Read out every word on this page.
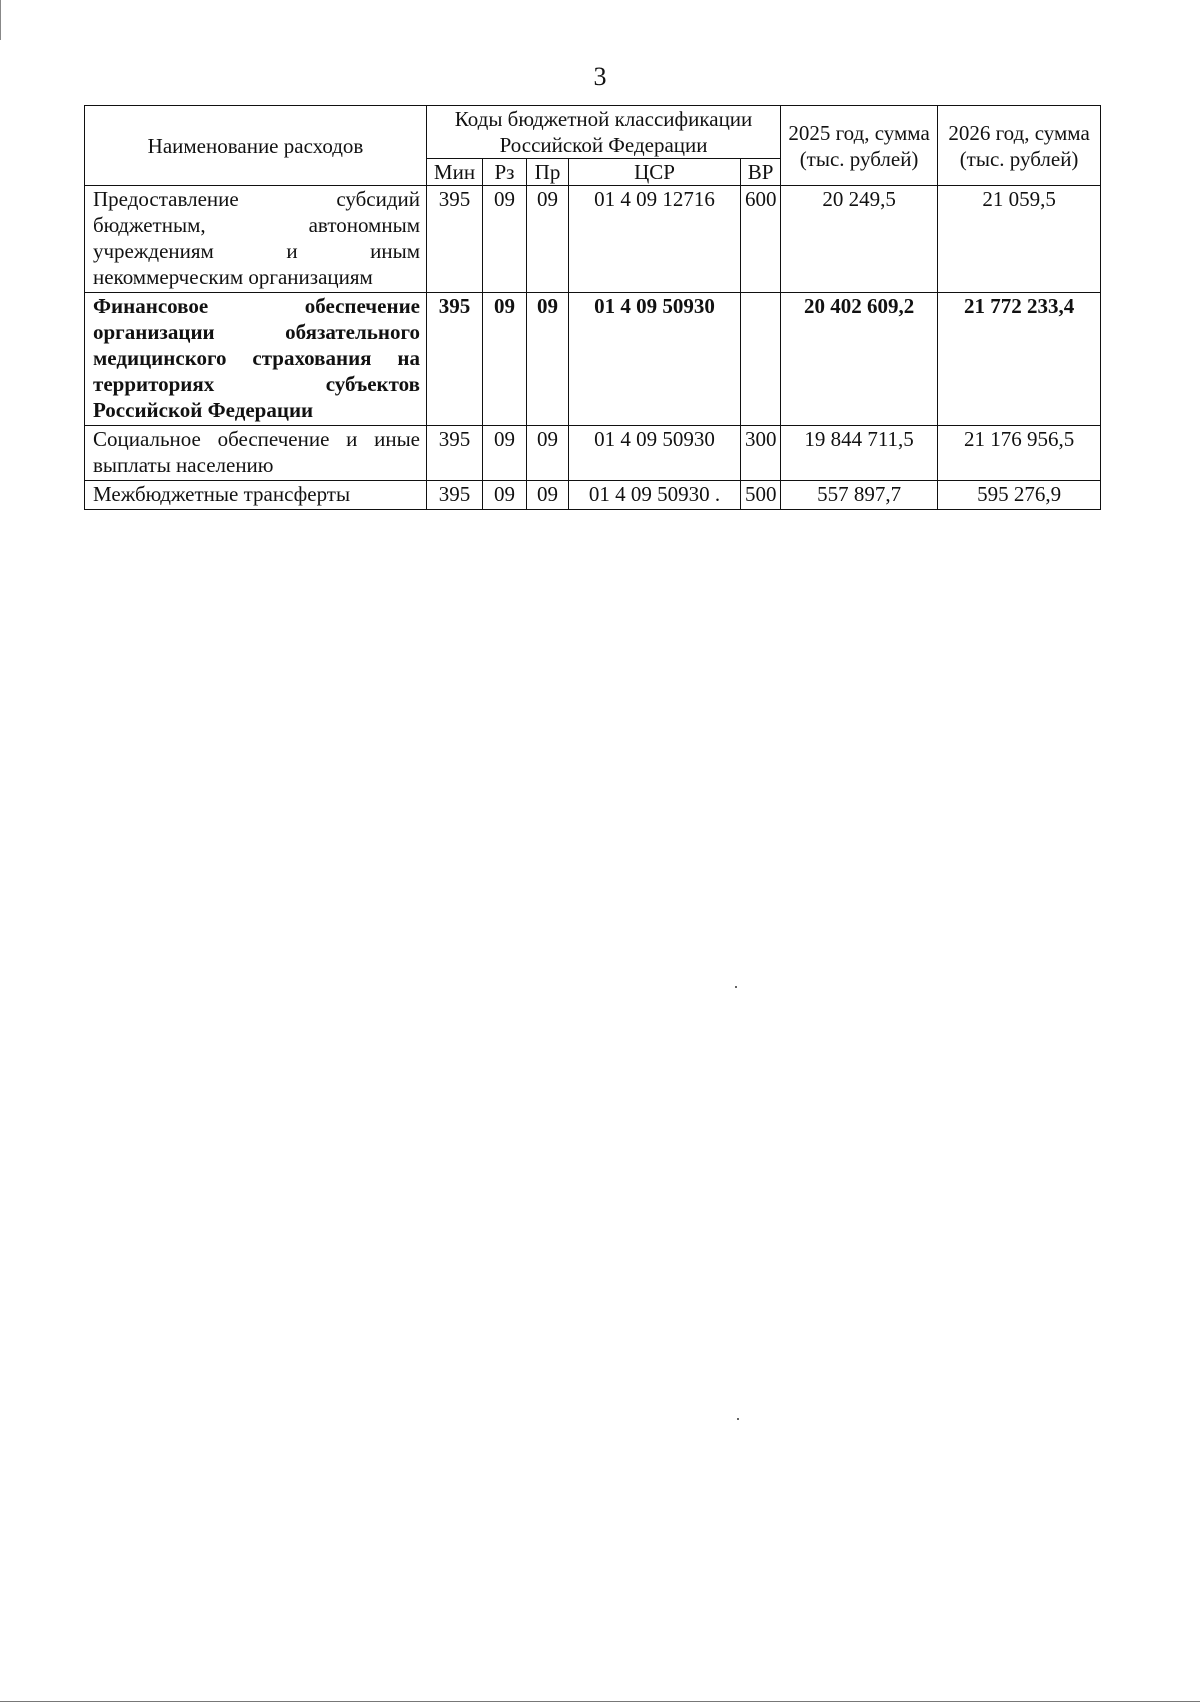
3
Наименование расходов	Коды бюджетной классификации Российской Федерации					2025 год, сумма (тыс. рублей)	2026 год, сумма (тыс. рублей)
	Мин	Рз	Пр	ЦСР	ВР		
Предоставление субсидий бюджетным, автономным учреждениям и иным некоммерческим организациям	395	09	09	01 4 09 12716	600	20 249,5	21 059,5
Финансовое обеспечение организации обязательного медицинского страхования на территориях субъектов Российской Федерации	395	09	09	01 4 09 50930		20 402 609,2	21 772 233,4
Социальное обеспечение и иные выплаты населению	395	09	09	01 4 09 50930	300	19 844 711,5	21 176 956,5
Межбюджетные трансферты	395	09	09	01 4 09 50930 .	500	557 897,7	595 276,9
